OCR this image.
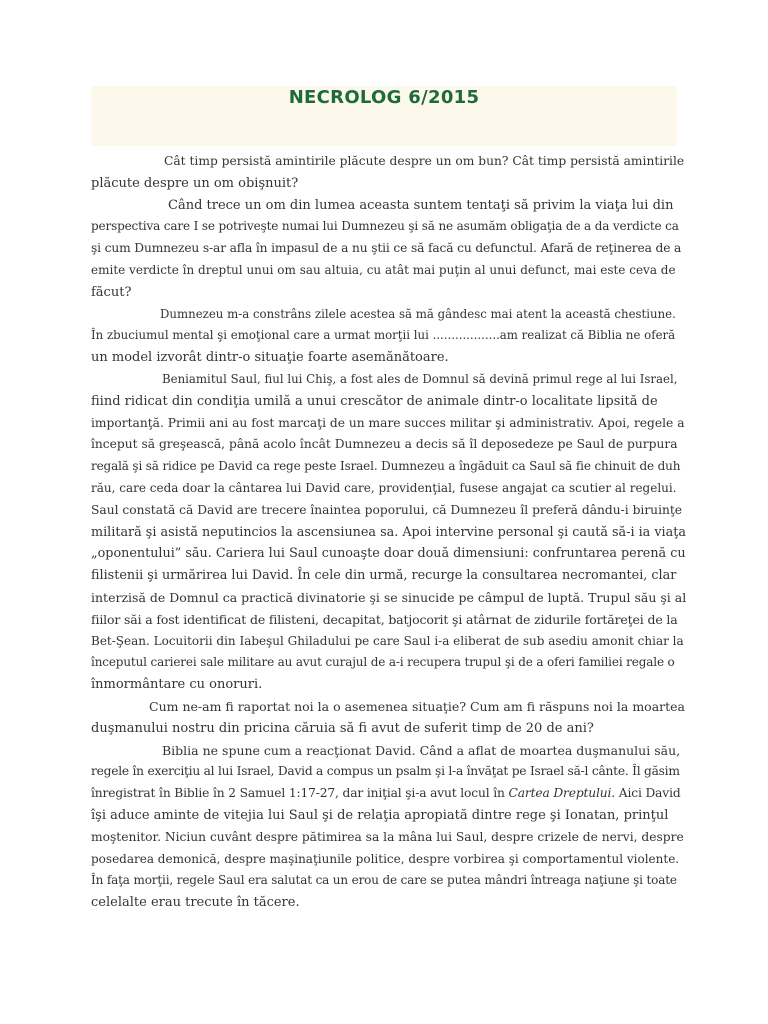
NECROLOG 6/2015
Cât timp persistă amintirile plăcute despre un om bun? Cât timp persistă amintirile
plăcute despre un om obişnuit?
Când trece un om din lumea aceasta suntem tentaţi să privim la viaţa lui din
perspectiva care I se potriveşte numai lui Dumnezeu şi să ne asumăm obligaţia de a da verdicte ca
şi cum Dumnezeu s-ar afla în impasul de a nu ştii ce să facă cu defunctul. Afară de reţinerea de a
emite verdicte în dreptul unui om sau altuia, cu atât mai puţin al unui defunct, mai este ceva de
făcut?
Dumnezeu m-a constrâns zilele acestea să mă gândesc mai atent la această chestiune.
În zbuciumul mental şi emoţional care a urmat morţii lui ..................am realizat că Biblia ne oferă
un model izvorât dintr-o situaţie foarte asemănătoare.
Beniamitul Saul, fiul lui Chiş, a fost ales de Domnul să devină primul rege al lui Israel,
fiind ridicat din condiţia umilă a unui crescător de animale dintr-o localitate lipsită de
importanţă. Primii ani au fost marcaţi de un mare succes militar şi administrativ. Apoi, regele a
început să greşească, până acolo încât Dumnezeu a decis să îl deposedeze pe Saul de purpura
regală şi să ridice pe David ca rege peste Israel. Dumnezeu a îngăduit ca Saul să fie chinuit de duh
rău, care ceda doar la cântarea lui David care, providenţial, fusese angajat ca scutier al regelui.
Saul constată că David are trecere înaintea poporului, că Dumnezeu îl preferă dându-i biruinţe
militară şi asistă neputincios la ascensiunea sa. Apoi intervine personal şi caută să-i ia viaţa
„oponentului” său. Cariera lui Saul cunoaşte doar două dimensiuni: confruntarea perenă cu
filistenii şi urmărirea lui David. În cele din urmă, recurge la consultarea necromantei, clar
interzisă de Domnul ca practică divinatorie şi se sinucide pe câmpul de luptă. Trupul său şi al
fiilor săi a fost identificat de filisteni, decapitat, batjocorit şi atârnat de zidurile fortăreţei de la
Bet-Şean. Locuitorii din Iabeşul Ghiladului pe care Saul i-a eliberat de sub asediu amonit chiar la
începutul carierei sale militare au avut curajul de a-i recupera trupul şi de a oferi familiei regale o
înmormântare cu onoruri.
Cum ne-am fi raportat noi la o asemenea situaţie? Cum am fi răspuns noi la moartea
duşmanului nostru din pricina căruia să fi avut de suferit timp de 20 de ani?
Biblia ne spune cum a reacţionat David. Când a aflat de moartea duşmanului său,
regele în exerciţiu al lui Israel, David a compus un psalm şi l-a învăţat pe Israel să-l cânte. Îl găsim
înregistrat în Biblie în 2 Samuel 1:17-27, dar iniţial şi-a avut locul în Cartea Dreptului. Aici David
îşi aduce aminte de vitejia lui Saul şi de relaţia apropiată dintre rege şi Ionatan, prinţul
moştenitor. Niciun cuvânt despre pătimirea sa la mâna lui Saul, despre crizele de nervi, despre
posedarea demonică, despre maşinaţiunile politice, despre vorbirea şi comportamentul violente.
În faţa morţii, regele Saul era salutat ca un erou de care se putea mândri întreaga naţiune şi toate
celelalte erau trecute în tăcere.
